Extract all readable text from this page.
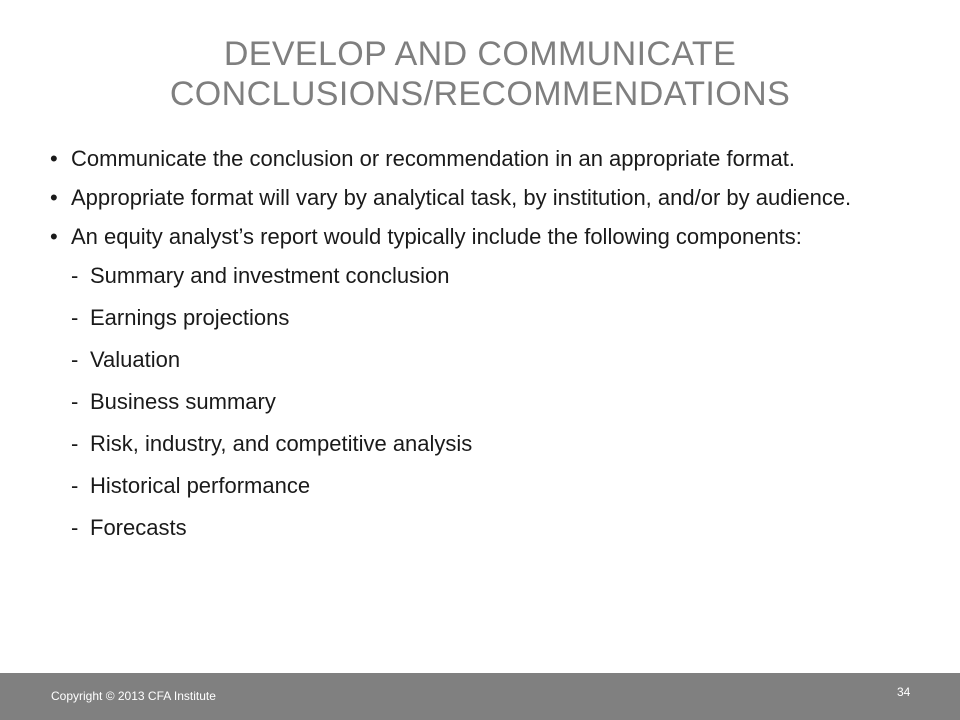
DEVELOP AND COMMUNICATE
CONCLUSIONS/RECOMMENDATIONS
• Communicate the conclusion or recommendation in an appropriate format.
• Appropriate format will vary by analytical task, by institution, and/or by audience.
• An equity analyst’s report would typically include the following components:
- Summary and investment conclusion
- Earnings projections
- Valuation
- Business summary
- Risk, industry, and competitive analysis
- Historical performance
- Forecasts
Copyright © 2013 CFA Institute	34
